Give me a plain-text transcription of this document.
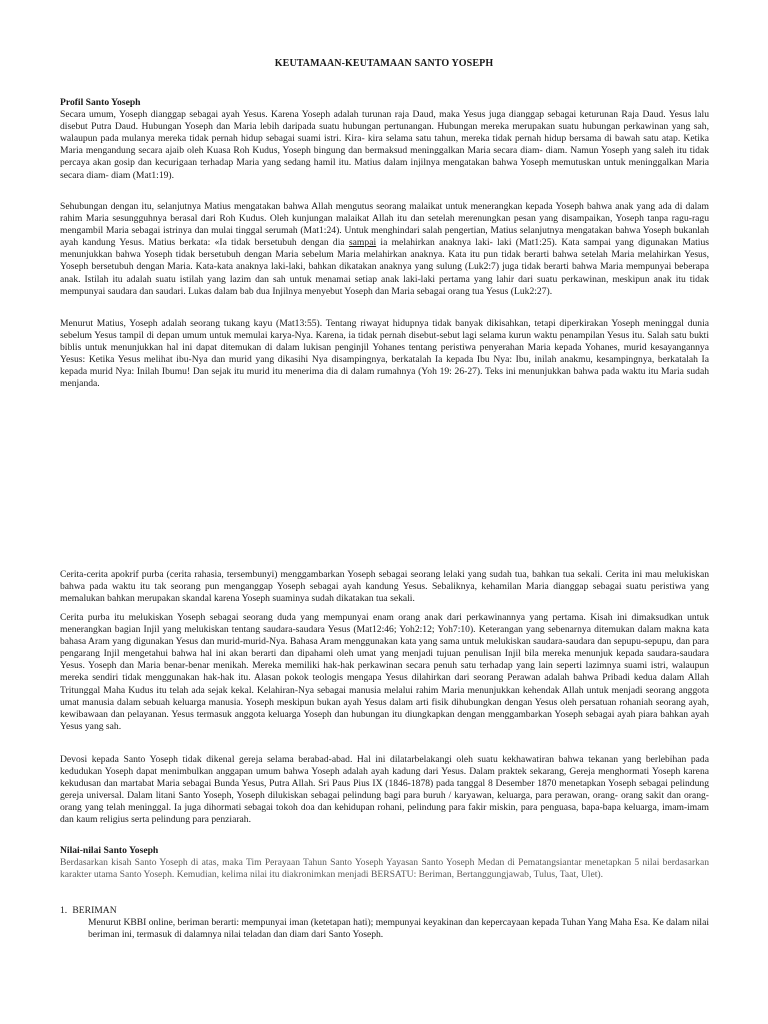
KEUTAMAAN-KEUTAMAAN SANTO YOSEPH

Profil Santo Yoseph

Secara umum, Yoseph dianggap sebagai ayah Yesus. Karena Yoseph adalah turunan raja Daud, maka Yesus juga dianggap sebagai keturunan Raja Daud. Yesus lalu disebut Putra Daud. Hubungan Yoseph dan Maria lebih daripada suatu hubungan pertunangan. Hubungan mereka merupakan suatu hubungan perkawinan yang sah, walaupun pada mulanya mereka tidak pernah hidup sebagai suami istri. Kira- kira selama satu tahun, mereka tidak pernah hidup bersama di bawah satu atap. Ketika Maria mengandung secara ajaib oleh Kuasa Roh Kudus, Yoseph bingung dan bermaksud meninggalkan Maria secara diam- diam. Namun Yoseph yang saleh itu tidak percaya akan gosip dan kecurigaan terhadap Maria yang sedang hamil itu. Matius dalam injilnya mengatakan bahwa Yoseph memutuskan untuk meninggalkan Maria secara diam- diam (Mat1:19).

Sehubungan dengan itu, selanjutnya Matius mengatakan bahwa Allah mengutus seorang malaikat untuk menerangkan kepada Yoseph bahwa anak yang ada di dalam rahim Maria sesungguhnya berasal dari Roh Kudus. Oleh kunjungan malaikat Allah itu dan setelah merenungkan pesan yang disampaikan, Yoseph tanpa ragu-ragu mengambil Maria sebagai istrinya dan mulai tinggal serumah (Mat1:24). Untuk menghindari salah pengertian, Matius selanjutnya mengatakan bahwa Yoseph bukanlah ayah kandung Yesus. Matius berkata: «Ia tidak bersetubuh dengan dia sampai ia melahirkan anaknya laki- laki (Mat1:25). Kata sampai yang digunakan Matius menunjukkan bahwa Yoseph tidak bersetubuh dengan Maria sebelum Maria melahirkan anaknya. Kata itu pun tidak berarti bahwa setelah Maria melahirkan Yesus, Yoseph bersetubuh dengan Maria. Kata-kata anaknya laki-laki, bahkan dikatakan anaknya yang sulung (Luk2:7) juga tidak berarti bahwa Maria mempunyai beberapa anak. Istilah itu adalah suatu istilah yang lazim dan sah untuk menamai setiap anak laki-laki pertama yang lahir dari suatu perkawinan, meskipun anak itu tidak mempunyai saudara dan saudari. Lukas dalam bab dua Injilnya menyebut Yoseph dan Maria sebagai orang tua Yesus (Luk2:27).

Menurut Matius, Yoseph adalah seorang tukang kayu (Mat13:55). Tentang riwayat hidupnya tidak banyak dikisahkan, tetapi diperkirakan Yoseph meninggal dunia sebelum Yesus tampil di depan umum untuk memulai karya-Nya. Karena, ia tidak pernah disebut-sebut lagi selama kurun waktu penampilan Yesus itu. Salah satu bukti biblis untuk menunjukkan hal ini dapat ditemukan di dalam lukisan penginjil Yohanes tentang peristiwa penyerahan Maria kepada Yohanes, murid kesayangannya Yesus: Ketika Yesus melihat ibu-Nya dan murid yang dikasihi Nya disampingnya, berkatalah Ia kepada Ibu Nya: Ibu, inilah anakmu, kesampingnya, berkatalah Ia kepada murid Nya: Inilah Ibumu! Dan sejak itu murid itu menerima dia di dalam rumahnya (Yoh 19: 26-27). Teks ini menunjukkan bahwa pada waktu itu Maria sudah menjanda.

Cerita-cerita apokrif purba (cerita rahasia, tersembunyi) menggambarkan Yoseph sebagai seorang lelaki yang sudah tua, bahkan tua sekali. Cerita ini mau melukiskan bahwa pada waktu itu tak seorang pun menganggap Yoseph sebagai ayah kandung Yesus. Sebaliknya, kehamilan Maria dianggap sebagai suatu peristiwa yang memalukan bahkan merupakan skandal karena Yoseph suaminya sudah dikatakan tua sekali.

Cerita purba itu melukiskan Yoseph sebagai seorang duda yang mempunyai enam orang anak dari perkawinannya yang pertama. Kisah ini dimaksudkan untuk menerangkan bagian Injil yang melukiskan tentang saudara-saudara Yesus (Mat12:46; Yoh2:12; Yoh7:10). Keterangan yang sebenarnya ditemukan dalam makna kata bahasa Aram yang digunakan Yesus dan murid-murid-Nya. Bahasa Aram menggunakan kata yang sama untuk melukiskan saudara-saudara dan sepupu-sepupu, dan para pengarang Injil mengetahui bahwa hal ini akan berarti dan dipahami oleh umat yang menjadi tujuan penulisan Injil bila mereka menunjuk kepada saudara-saudara Yesus. Yoseph dan Maria benar-benar menikah. Mereka memiliki hak-hak perkawinan secara penuh satu terhadap yang lain seperti lazimnya suami istri, walaupun mereka sendiri tidak menggunakan hak-hak itu. Alasan pokok teologis mengapa Yesus dilahirkan dari seorang Perawan adalah bahwa Pribadi kedua dalam Allah Tritunggal Maha Kudus itu telah ada sejak kekal. Kelahiran-Nya sebagai manusia melalui rahim Maria menunjukkan kehendak Allah untuk menjadi seorang anggota umat manusia dalam sebuah keluarga manusia. Yoseph meskipun bukan ayah Yesus dalam arti fisik dihubungkan dengan Yesus oleh persatuan rohaniah seorang ayah, kewibawaan dan pelayanan. Yesus termasuk anggota keluarga Yoseph dan hubungan itu diungkapkan dengan menggambarkan Yoseph sebagai ayah piara bahkan ayah Yesus yang sah.

Devosi kepada Santo Yoseph tidak dikenal gereja selama berabad-abad. Hal ini dilatarbelakangi oleh suatu kekhawatiran bahwa tekanan yang berlebihan pada kedudukan Yoseph dapat menimbulkan anggapan umum bahwa Yoseph adalah ayah kadung dari Yesus. Dalam praktek sekarang, Gereja menghormati Yoseph karena kekudusan dan martabat Maria sebagai Bunda Yesus, Putra Allah. Sri Paus Pius IX (1846-1878) pada tanggal 8 Desember 1870 menetapkan Yoseph sebagai pelindung gereja universal. Dalam litani Santo Yoseph, Yoseph dilukiskan sebagai pelindung bagi para buruh / karyawan, keluarga, para perawan, orang- orang sakit dan orang- orang yang telah meninggal. Ia juga dihormati sebagai tokoh doa dan kehidupan rohani, pelindung para fakir miskin, para penguasa, bapa-bapa keluarga, imam-imam dan kaum religius serta pelindung para penziarah.

Nilai-nilai Santo Yoseph

Berdasarkan kisah Santo Yoseph di atas, maka Tim Perayaan Tahun Santo Yoseph Yayasan Santo Yoseph Medan di Pematangsiantar menetapkan 5 nilai berdasarkan karakter utama Santo Yoseph. Kemudian, kelima nilai itu diakronimkan menjadi BERSATU: Beriman, Bertanggungjawab, Tulus, Taat, Ulet).

1. BERIMAN

Menurut KBBI online, beriman berarti: mempunyai iman (ketetapan hati); mempunyai keyakinan dan kepercayaan kepada Tuhan Yang Maha Esa. Ke dalam nilai beriman ini, termasuk di dalamnya nilai teladan dan diam dari Santo Yoseph.
